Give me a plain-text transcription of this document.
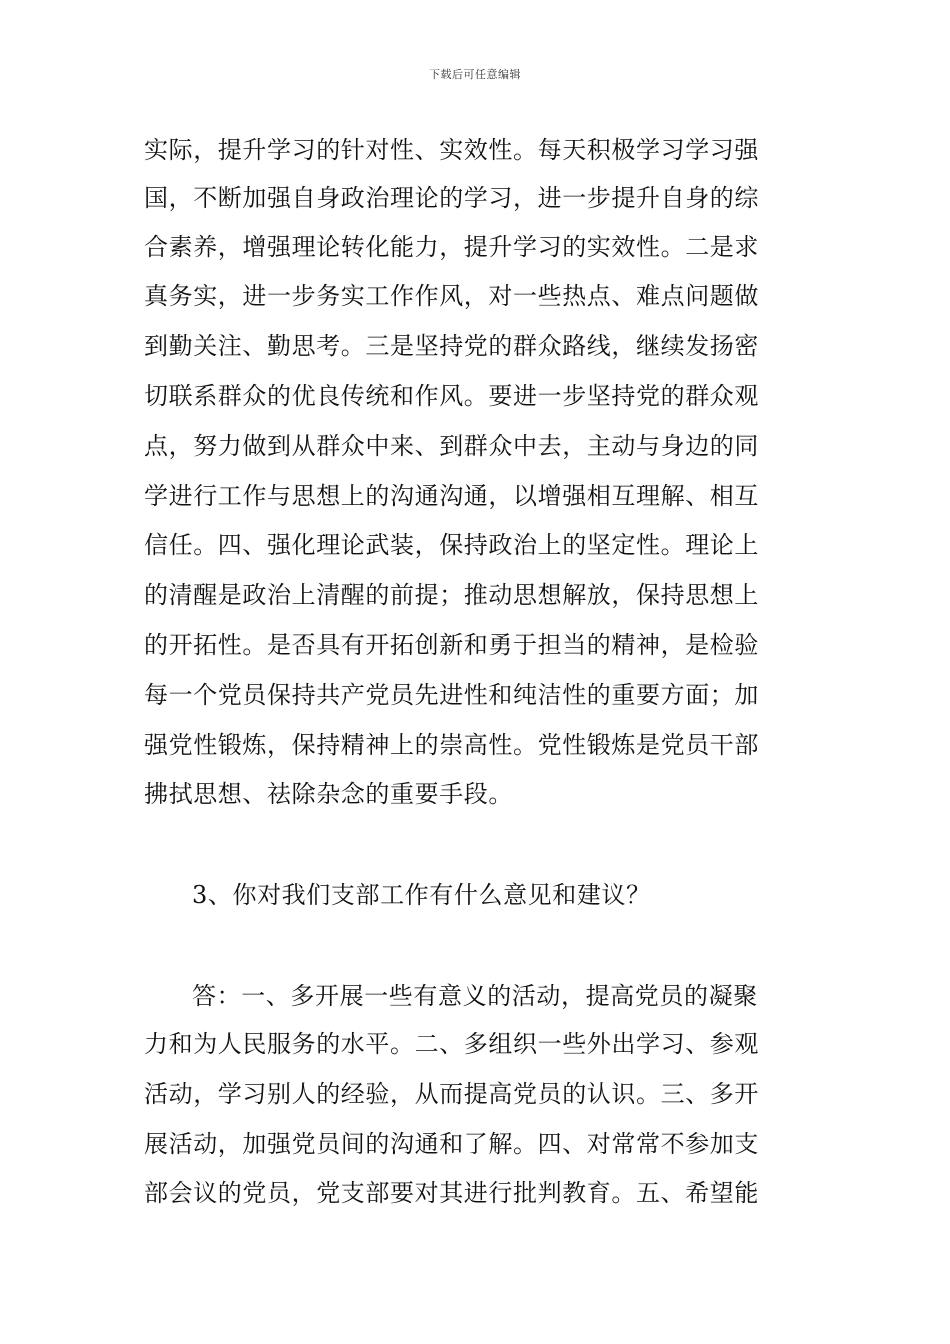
下载后可任意编辑
实际，提升学习的针对性、实效性。每天积极学习学习强
国，不断加强自身政治理论的学习，进一步提升自身的综
合素养，增强理论转化能力，提升学习的实效性。二是求
真务实，进一步务实工作作风，对一些热点、难点问题做
到勤关注、勤思考。三是坚持党的群众路线，继续发扬密
切联系群众的优良传统和作风。要进一步坚持党的群众观
点，努力做到从群众中来、到群众中去，主动与身边的同
学进行工作与思想上的沟通沟通，以增强相互理解、相互
信任。四、强化理论武装，保持政治上的坚定性。理论上
的清醒是政治上清醒的前提；推动思想解放，保持思想上
的开拓性。是否具有开拓创新和勇于担当的精神，是检验
每一个党员保持共产党员先进性和纯洁性的重要方面；加
强党性锻炼，保持精神上的崇高性。党性锻炼是党员干部
拂拭思想、祛除杂念的重要手段。
3、你对我们支部工作有什么意见和建议？
答：一、多开展一些有意义的活动，提高党员的凝聚
力和为人民服务的水平。二、多组织一些外出学习、参观
活动，学习别人的经验，从而提高党员的认识。三、多开
展活动，加强党员间的沟通和了解。四、对常常不参加支
部会议的党员，党支部要对其进行批判教育。五、希望能
